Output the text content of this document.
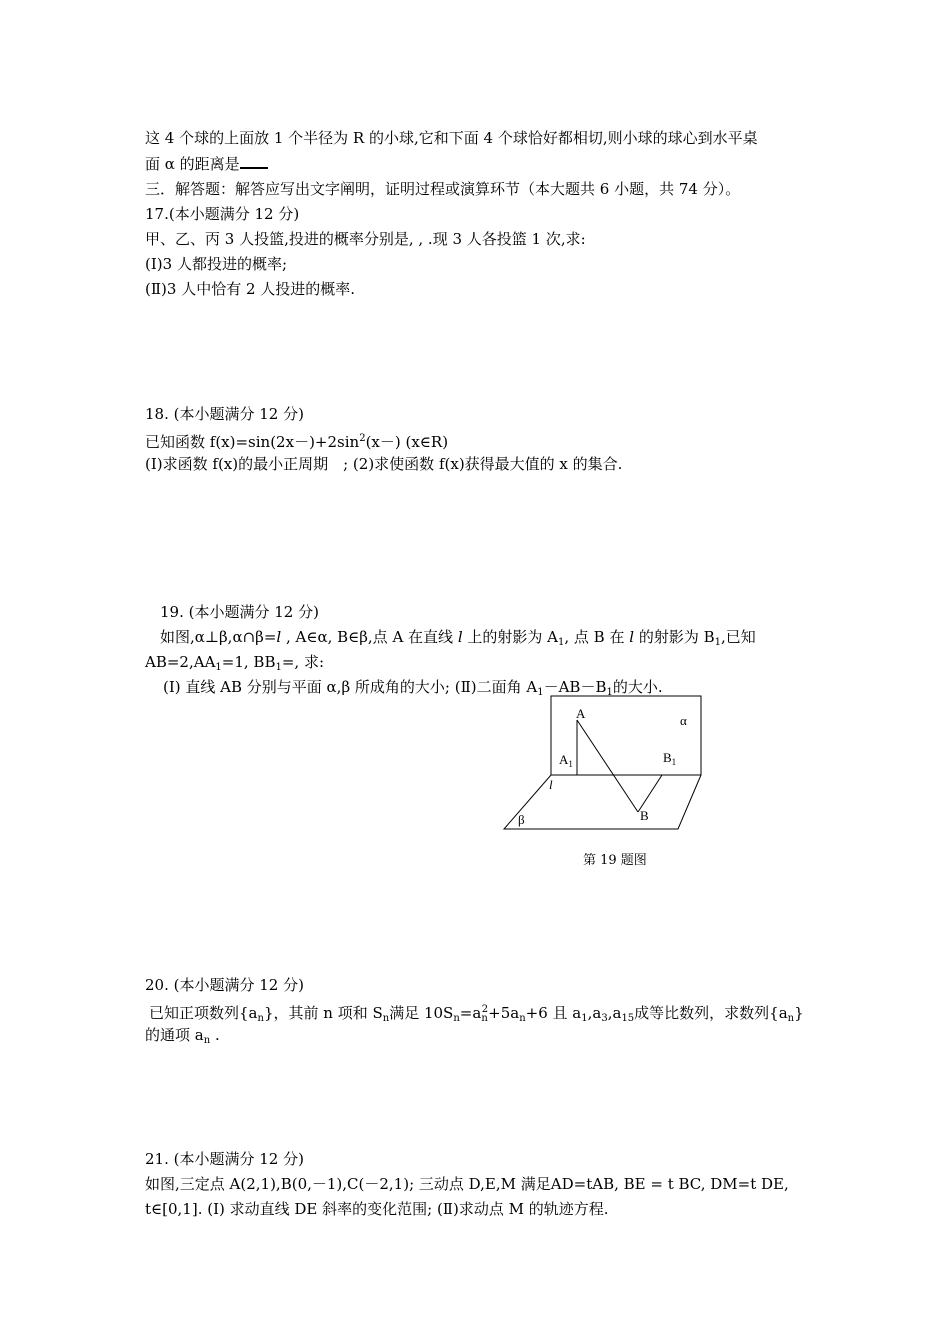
这 4 个球的上面放 1 个半径为 R 的小球,它和下面 4 个球恰好都相切,则小球的球心到水平桌
面 α 的距离是
三．解答题：解答应写出文字阐明，证明过程或演算环节（本大题共 6 小题，共 74 分）。
17.(本小题满分 12 分)
甲、乙、丙 3 人投篮,投进的概率分别是, , .现 3 人各投篮 1 次,求:
(Ⅰ)3 人都投进的概率;
(Ⅱ)3 人中恰有 2 人投进的概率.
18. (本小题满分 12 分)
已知函数 $f(x)=\sin(2x-)+2\sin^2(x-)$ (x∈R)
(Ⅰ)求函数 f(x)的最小正周期　; (2)求使函数 f(x)获得最大值的 x 的集合.
19. (本小题满分 12 分)
如图,α⊥β,α∩β=l , A∈α, B∈β,点 A 在直线 l 上的射影为 $A_1$, 点 B 在 l 的射影为 $B_1$,已知
$AB=2,AA_1=1$, $BB_1=$, 求:
(Ⅰ) 直线 AB 分别与平面 α,β 所成角的大小; (Ⅱ)二面角 $A_1-AB-B_1$的大小.
A	α
$A_1$	$B_1$
l
β	B
第 19 题图
20. (本小题满分 12 分)
已知正项数列$\{a_n\}$，其前 n 项和 $S_n$满足 $10S_n=a_n^2+5a_n+6$ 且 $a_1,a_3,a_{15}$成等比数列，求数列$\{a_n\}$
的通项 $a_n$ .
21. (本小题满分 12 分)
如图,三定点 A(2,1),B(0,－1),C(－2,1); 三动点 D,E,M 满足AD=tAB, BE = t BC, DM=t DE,
t∈[0,1]. (Ⅰ) 求动直线 DE 斜率的变化范围; (Ⅱ)求动点 M 的轨迹方程.
